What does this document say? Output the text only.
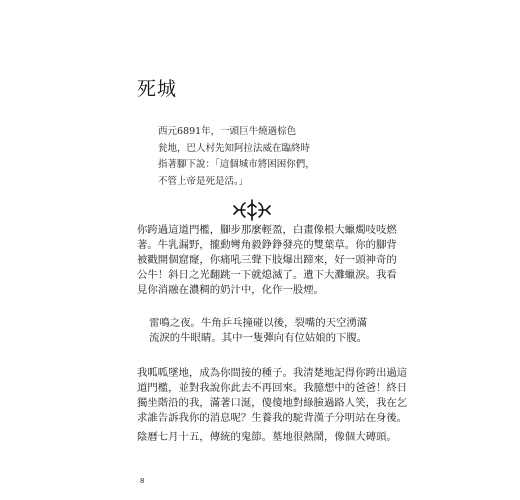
死城
西元6891年，一頭巨牛燒過棕色
瓮地，巴人村先知阿拉法威在臨終時
指著腳下說：「這個城市將困困你們，
不管上帝是死是活。」
你跨過這道門檻，腳步那麼輕盈，白畫像根大蠟燭吱吱燃
著。牛乳漏野，攏動彎角毅錚錚發亮的雙葉草。你的腳背
被戳開個窟窿，你痛吼三聲下肢爆出蹄來，好一頭神奇的
公牛！斜日之光翻跳一下就熄滅了。遺下大灘蠟淚。我看
見你消融在濃稠的奶汁中，化作一股煙。
雷鳴之夜。牛角乒乓撞碰以後，裂嘴的天空湧滿
流淚的牛眼睛。其中一隻彈向有位姑娘的下腹。
我呱呱墜地，成為你間接的種子。我清楚地記得你跨出過這
道門檻，並對我說你此去不再回來。我臆想中的爸爸！終日
獨坐階沿的我，滿著口涎，傻傻地對綠臉過路人笑，我在乞
求誰告訴我你的消息呢？生養我的駝背漢子分明站在身後。
陰曆七月十五，傳統的鬼節。墓地很熱鬧，像個大磚頭。
8
